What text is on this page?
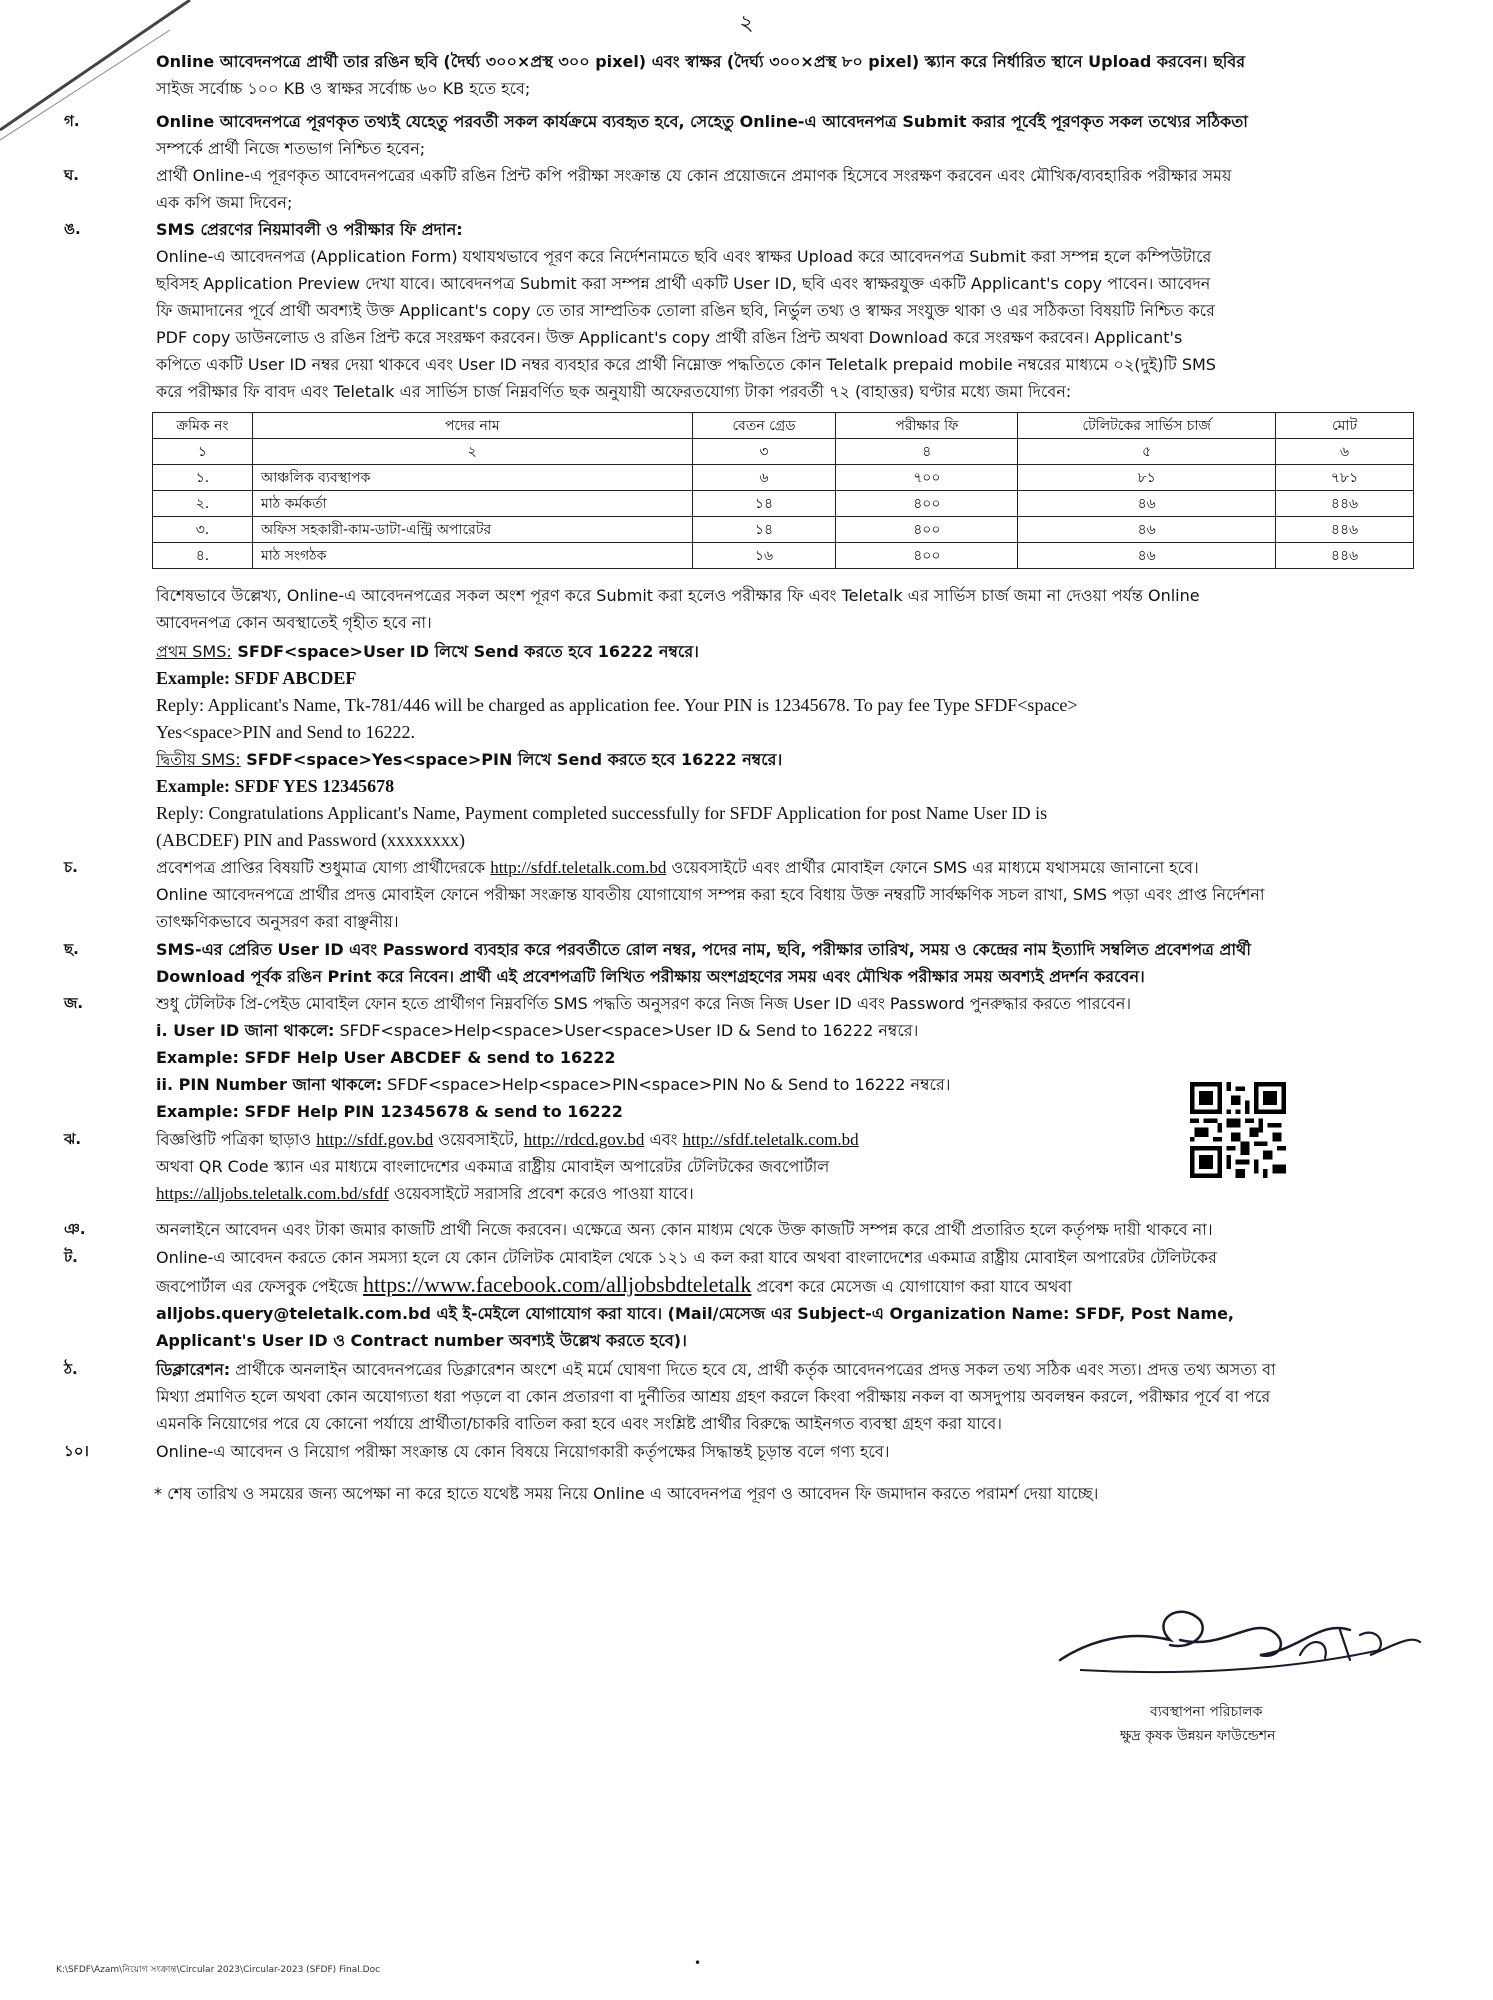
২

Online আবেদনপত্রে প্রার্থী তার রঙিন ছবি (দৈর্ঘ্য ৩০০×প্রস্থ ৩০০ pixel) এবং স্বাক্ষর (দৈর্ঘ্য ৩০০×প্রস্থ ৮০ pixel) স্ক্যান করে নির্ধারিত স্থানে Upload করবেন। ছবির
সাইজ সর্বোচ্চ ১০০ KB ও স্বাক্ষর সর্বোচ্চ ৬০ KB হতে হবে;

গ.	Online আবেদনপত্রে পূরণকৃত তথ্যই যেহেতু পরবর্তী সকল কার্যক্রমে ব্যবহৃত হবে, সেহেতু Online-এ আবেদনপত্র Submit করার পূর্বেই পূরণকৃত সকল তথ্যের সঠিকতা
সম্পর্কে প্রার্থী নিজে শতভাগ নিশ্চিত হবেন;

ঘ.	প্রার্থী Online-এ পূরণকৃত আবেদনপত্রের একটি রঙিন প্রিন্ট কপি পরীক্ষা সংক্রান্ত যে কোন প্রয়োজনে প্রমাণক হিসেবে সংরক্ষণ করবেন এবং মৌখিক/ব্যবহারিক পরীক্ষার সময়
এক কপি জমা দিবেন;

ঙ.	SMS প্রেরণের নিয়মাবলী ও পরীক্ষার ফি প্রদান:
Online-এ আবেদনপত্র (Application Form) যথাযথভাবে পূরণ করে নির্দেশনামতে ছবি এবং স্বাক্ষর Upload করে আবেদনপত্র Submit করা সম্পন্ন হলে কম্পিউটারে
ছবিসহ Application Preview দেখা যাবে। আবেদনপত্র Submit করা সম্পন্ন প্রার্থী একটি User ID, ছবি এবং স্বাক্ষরযুক্ত একটি Applicant's copy পাবেন। আবেদন
ফি জমাদানের পূর্বে প্রার্থী অবশ্যই উক্ত Applicant's copy তে তার সাম্প্রতিক তোলা রঙিন ছবি, নির্ভুল তথ্য ও স্বাক্ষর সংযুক্ত থাকা ও এর সঠিকতা বিষয়টি নিশ্চিত করে
PDF copy ডাউনলোড ও রঙিন প্রিন্ট করে সংরক্ষণ করবেন। উক্ত Applicant's copy প্রার্থী রঙিন প্রিন্ট অথবা Download করে সংরক্ষণ করবেন। Applicant's
কপিতে একটি User ID নম্বর দেয়া থাকবে এবং User ID নম্বর ব্যবহার করে প্রার্থী নিম্নোক্ত পদ্ধতিতে কোন Teletalk prepaid mobile নম্বরের মাধ্যমে ০২(দুই)টি SMS
করে পরীক্ষার ফি বাবদ এবং Teletalk এর সার্ভিস চার্জ নিম্নবর্ণিত ছক অনুযায়ী অফেরতযোগ্য টাকা পরবর্তী ৭২ (বাহাত্তর) ঘণ্টার মধ্যে জমা দিবেন:

ক্রমিক নং	পদের নাম	বেতন গ্রেড	পরীক্ষার ফি	টেলিটকের সার্ভিস চার্জ	মোট
১	২	৩	৪	৫	৬
১.	আঞ্চলিক ব্যবস্থাপক	৬	৭০০	৮১	৭৮১
২.	মাঠ কর্মকর্তা	১৪	৪০০	৪৬	৪৪৬
৩.	অফিস সহকারী-কাম-ডাটা-এন্ট্রি অপারেটর	১৪	৪০০	৪৬	৪৪৬
৪.	মাঠ সংগঠক	১৬	৪০০	৪৬	৪৪৬

বিশেষভাবে উল্লেখ্য, Online-এ আবেদনপত্রের সকল অংশ পূরণ করে Submit করা হলেও পরীক্ষার ফি এবং Teletalk এর সার্ভিস চার্জ জমা না দেওয়া পর্যন্ত Online
আবেদনপত্র কোন অবস্থাতেই গৃহীত হবে না।

প্রথম SMS: SFDF<space>User ID লিখে Send করতে হবে 16222 নম্বরে।
Example: SFDF ABCDEF
Reply: Applicant's Name, Tk-781/446 will be charged as application fee. Your PIN is 12345678. To pay fee Type SFDF<space>
Yes<space>PIN and Send to 16222.

দ্বিতীয় SMS: SFDF<space>Yes<space>PIN লিখে Send করতে হবে 16222 নম্বরে।
Example: SFDF YES 12345678
Reply: Congratulations Applicant's Name, Payment completed successfully for SFDF Application for post Name User ID is
(ABCDEF) PIN and Password (xxxxxxxx)

চ.	প্রবেশপত্র প্রাপ্তির বিষয়টি শুধুমাত্র যোগ্য প্রার্থীদেরকে http://sfdf.teletalk.com.bd ওয়েবসাইটে এবং প্রার্থীর মোবাইল ফোনে SMS এর মাধ্যমে যথাসময়ে জানানো হবে।
Online আবেদনপত্রে প্রার্থীর প্রদত্ত মোবাইল ফোনে পরীক্ষা সংক্রান্ত যাবতীয় যোগাযোগ সম্পন্ন করা হবে বিধায় উক্ত নম্বরটি সার্বক্ষণিক সচল রাখা, SMS পড়া এবং প্রাপ্ত নির্দেশনা
তাৎক্ষণিকভাবে অনুসরণ করা বাঞ্ছনীয়।

ছ.	SMS-এর প্রেরিত User ID এবং Password ব্যবহার করে পরবর্তীতে রোল নম্বর, পদের নাম, ছবি, পরীক্ষার তারিখ, সময় ও কেন্দ্রের নাম ইত্যাদি সম্বলিত প্রবেশপত্র প্রার্থী
Download পূর্বক রঙিন Print করে নিবেন। প্রার্থী এই প্রবেশপত্রটি লিখিত পরীক্ষায় অংশগ্রহণের সময় এবং মৌখিক পরীক্ষার সময় অবশ্যই প্রদর্শন করবেন।

জ.	শুধু টেলিটক প্রি-পেইড মোবাইল ফোন হতে প্রার্থীগণ নিম্নবর্ণিত SMS পদ্ধতি অনুসরণ করে নিজ নিজ User ID এবং Password পুনরুদ্ধার করতে পারবেন।
i. User ID জানা থাকলে: SFDF<space>Help<space>User<space>User ID & Send to 16222 নম্বরে।
Example: SFDF Help User ABCDEF & send to 16222
ii. PIN Number জানা থাকলে: SFDF<space>Help<space>PIN<space>PIN No & Send to 16222 নম্বরে।
Example: SFDF Help PIN 12345678 & send to 16222

ঝ.	বিজ্ঞপ্তিটি পত্রিকা ছাড়াও http://sfdf.gov.bd ওয়েবসাইটে, http://rdcd.gov.bd এবং http://sfdf.teletalk.com.bd
অথবা QR Code স্ক্যান এর মাধ্যমে বাংলাদেশের একমাত্র রাষ্ট্রীয় মোবাইল অপারেটর টেলিটকের জবপোর্টাল
https://alljobs.teletalk.com.bd/sfdf ওয়েবসাইটে সরাসরি প্রবেশ করেও পাওয়া যাবে।

ঞ.	অনলাইনে আবেদন এবং টাকা জমার কাজটি প্রার্থী নিজে করবেন। এক্ষেত্রে অন্য কোন মাধ্যম থেকে উক্ত কাজটি সম্পন্ন করে প্রার্থী প্রতারিত হলে কর্তৃপক্ষ দায়ী থাকবে না।

ট.	Online-এ আবেদন করতে কোন সমস্যা হলে যে কোন টেলিটক মোবাইল থেকে ১২১ এ কল করা যাবে অথবা বাংলাদেশের একমাত্র রাষ্ট্রীয় মোবাইল অপারেটর টেলিটকের
জবপোর্টাল এর ফেসবুক পেইজে https://www.facebook.com/alljobsbdteletalk প্রবেশ করে মেসেজ এ যোগাযোগ করা যাবে অথবা
alljobs.query@teletalk.com.bd এই ই-মেইলে যোগাযোগ করা যাবে। (Mail/মেসেজ এর Subject-এ Organization Name: SFDF, Post Name,
Applicant's User ID ও Contract number অবশ্যই উল্লেখ করতে হবে)।

ঠ.	ডিক্লারেশন: প্রার্থীকে অনলাইন আবেদনপত্রের ডিক্লারেশন অংশে এই মর্মে ঘোষণা দিতে হবে যে, প্রার্থী কর্তৃক আবেদনপত্রের প্রদত্ত সকল তথ্য সঠিক এবং সত্য। প্রদত্ত তথ্য অসত্য বা
মিথ্যা প্রমাণিত হলে অথবা কোন অযোগ্যতা ধরা পড়লে বা কোন প্রতারণা বা দুর্নীতির আশ্রয় গ্রহণ করলে কিংবা পরীক্ষায় নকল বা অসদুপায় অবলম্বন করলে, পরীক্ষার পূর্বে বা পরে
এমনকি নিয়োগের পরে যে কোনো পর্যায়ে প্রার্থীতা/চাকরি বাতিল করা হবে এবং সংশ্লিষ্ট প্রার্থীর বিরুদ্ধে আইনগত ব্যবস্থা গ্রহণ করা যাবে।

১০।	Online-এ আবেদন ও নিয়োগ পরীক্ষা সংক্রান্ত যে কোন বিষয়ে নিয়োগকারী কর্তৃপক্ষের সিদ্ধান্তই চূড়ান্ত বলে গণ্য হবে।

* শেষ তারিখ ও সময়ের জন্য অপেক্ষা না করে হাতে যথেষ্ট সময় নিয়ে Online এ আবেদনপত্র পূরণ ও আবেদন ফি জমাদান করতে পরামর্শ দেয়া যাচ্ছে।

ব্যবস্থাপনা পরিচালক
ক্ষুদ্র কৃষক উন্নয়ন ফাউন্ডেশন
K:\SFDF\Azam\নিয়োগ সংক্রান্ত\Circular 2023\Circular-2023 (SFDF) Final.Doc	•
